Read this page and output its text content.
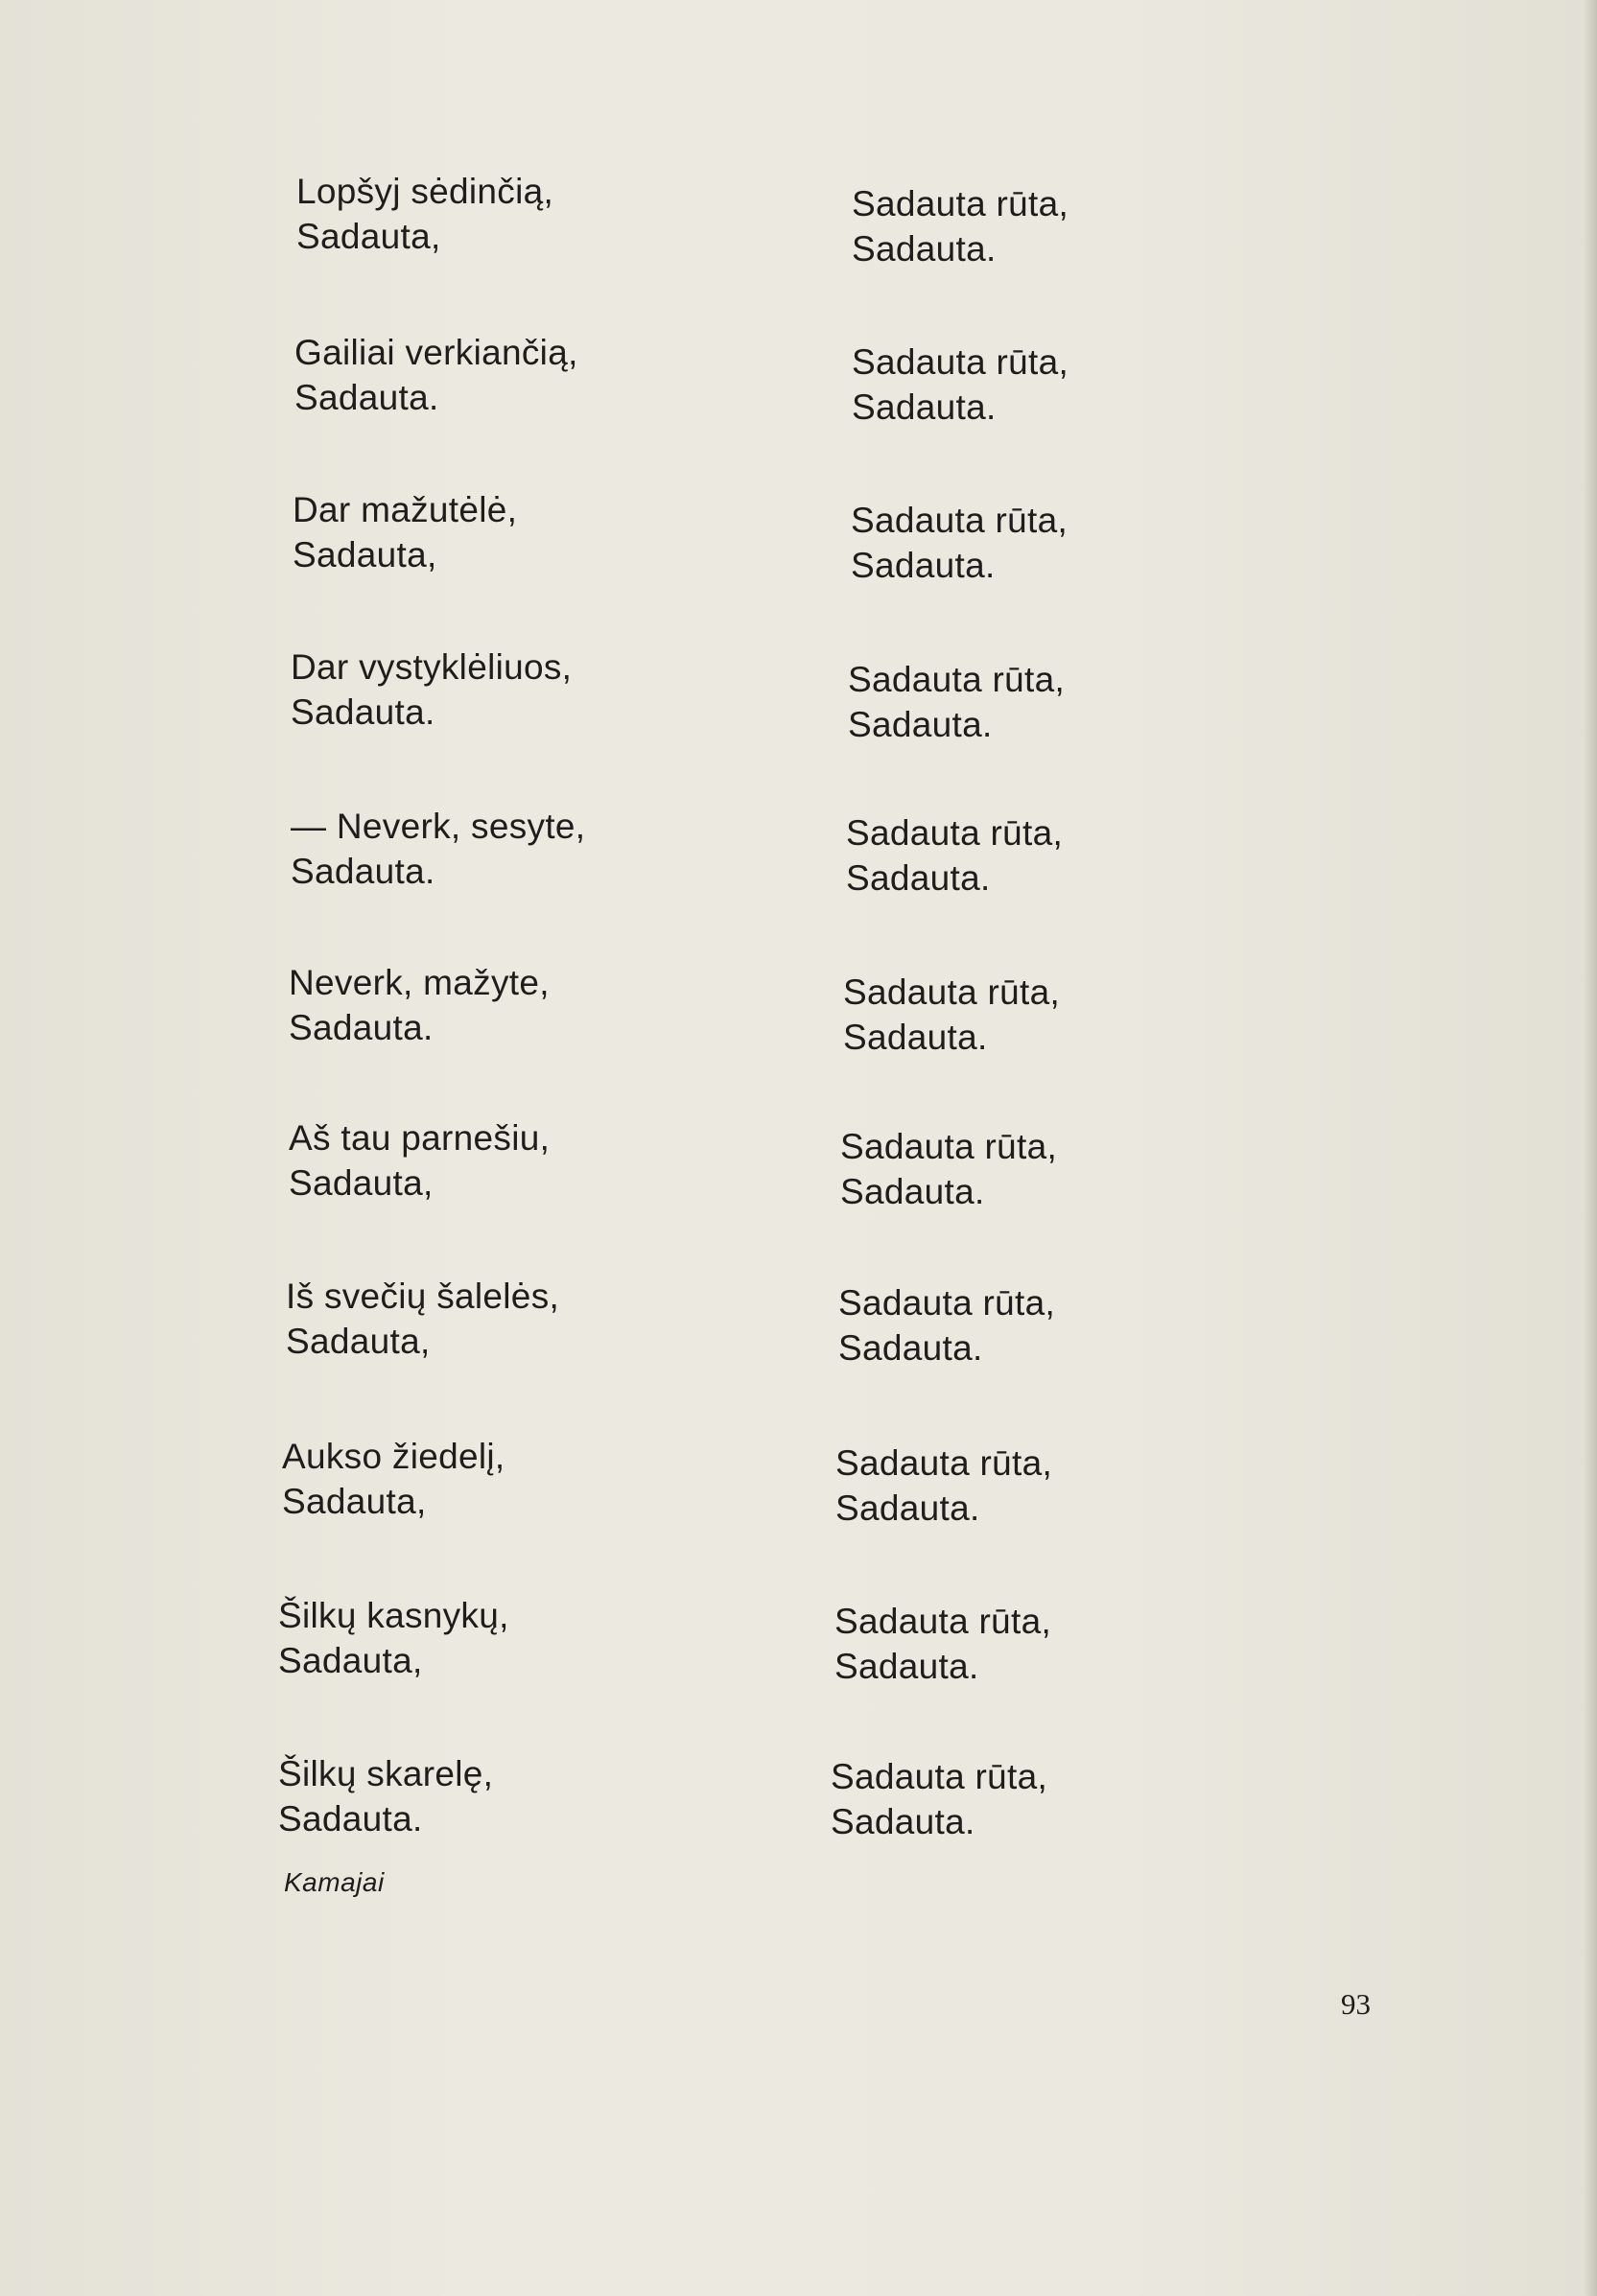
Lopšyj sėdinčią,
Sadauta,
Sadauta rūta,
Sadauta.
Gailiai verkiančią,
Sadauta.
Sadauta rūta,
Sadauta.
Dar mažutėlė,
Sadauta,
Sadauta rūta,
Sadauta.
Dar vystyklėliuos,
Sadauta.
Sadauta rūta,
Sadauta.
— Neverk, sesyte,
Sadauta.
Sadauta rūta,
Sadauta.
Neverk, mažyte,
Sadauta.
Sadauta rūta,
Sadauta.
Aš tau parnešiu,
Sadauta,
Sadauta rūta,
Sadauta.
Iš svečių šalelės,
Sadauta,
Sadauta rūta,
Sadauta.
Aukso žiedelį,
Sadauta,
Sadauta rūta,
Sadauta.
Šilkų kasnykų,
Sadauta,
Sadauta rūta,
Sadauta.
Šilkų skarelę,
Sadauta.
Sadauta rūta,
Sadauta.
Kamajai
93
